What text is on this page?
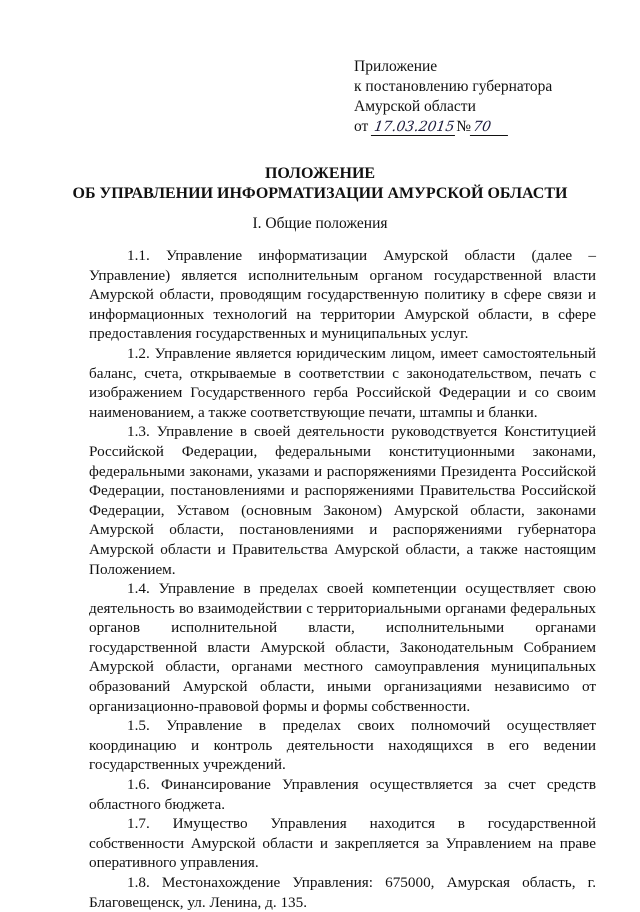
Приложение
к постановлению губернатора
Амурской области
от 17.03.2015№70
ПОЛОЖЕНИЕ
ОБ УПРАВЛЕНИИ ИНФОРМАТИЗАЦИИ АМУРСКОЙ ОБЛАСТИ
I. Общие положения

1.1. Управление информатизации Амурской области (далее – Управление) является исполнительным органом государственной власти Амурской области, проводящим государственную политику в сфере связи и информационных технологий на территории Амурской области, в сфере предоставления государственных и муниципальных услуг.

1.2. Управление является юридическим лицом, имеет самостоятельный баланс, счета, открываемые в соответствии с законодательством, печать с изображением Государственного герба Российской Федерации и со своим наименованием, а также соответствующие печати, штампы и бланки.

1.3. Управление в своей деятельности руководствуется Конституцией Российской Федерации, федеральными конституционными законами, федеральными законами, указами и распоряжениями Президента Российской Федерации, постановлениями и распоряжениями Правительства Российской Федерации, Уставом (основным Законом) Амурской области, законами Амурской области, постановлениями и распоряжениями губернатора Амурской области и Правительства Амурской области, а также настоящим Положением.

1.4. Управление в пределах своей компетенции осуществляет свою деятельность во взаимодействии с территориальными органами федеральных органов исполнительной власти, исполнительными органами государственной власти Амурской области, Законодательным Собранием Амурской области, органами местного самоуправления муниципальных образований Амурской области, иными организациями независимо от организационно-правовой формы и формы собственности.

1.5. Управление в пределах своих полномочий осуществляет координацию и контроль деятельности находящихся в его ведении государственных учреждений.

1.6. Финансирование Управления осуществляется за счет средств областного бюджета.

1.7. Имущество Управления находится в государственной собственности Амурской области и закрепляется за Управлением на праве оперативного управления.

1.8. Местонахождение Управления: 675000, Амурская область, г. Благовещенск, ул. Ленина, д. 135.
